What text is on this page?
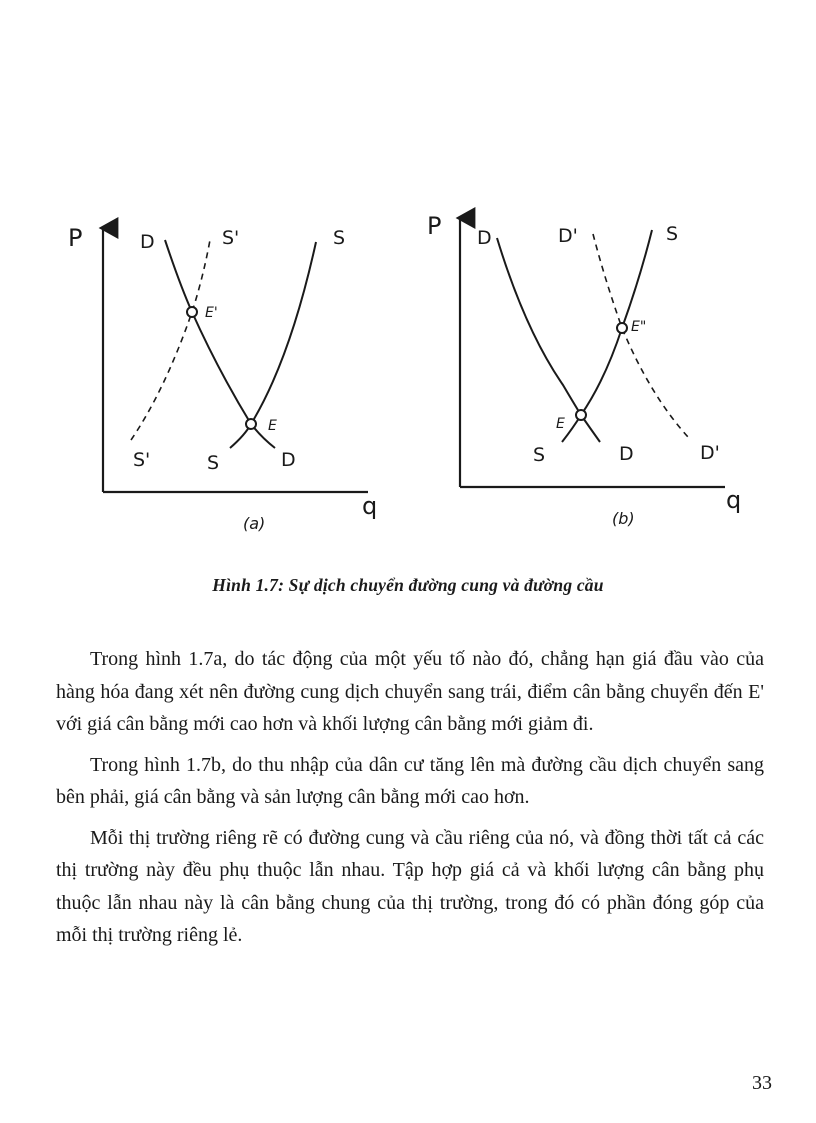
P
q
D	S'	S
E'
E
S'	S	D
(a)
P
q
D	D'	S
E"
E
S	D	D'
(b)
Hình 1.7: Sự dịch chuyển đường cung và đường cầu

Trong hình 1.7a, do tác động của một yếu tố nào đó, chẳng hạn giá đầu vào của hàng hóa đang xét nên đường cung dịch chuyển sang trái, điểm cân bằng chuyển đến E' với giá cân bằng mới cao hơn và khối lượng cân bằng mới giảm đi.

Trong hình 1.7b, do thu nhập của dân cư tăng lên mà đường cầu dịch chuyển sang bên phải, giá cân bằng và sản lượng cân bằng mới cao hơn.

Mỗi thị trường riêng rẽ có đường cung và cầu riêng của nó, và đồng thời tất cả các thị trường này đều phụ thuộc lẫn nhau. Tập hợp giá cả và khối lượng cân bằng phụ thuộc lẫn nhau này là cân bằng chung của thị trường, trong đó có phần đóng góp của mỗi thị trường riêng lẻ.

33
